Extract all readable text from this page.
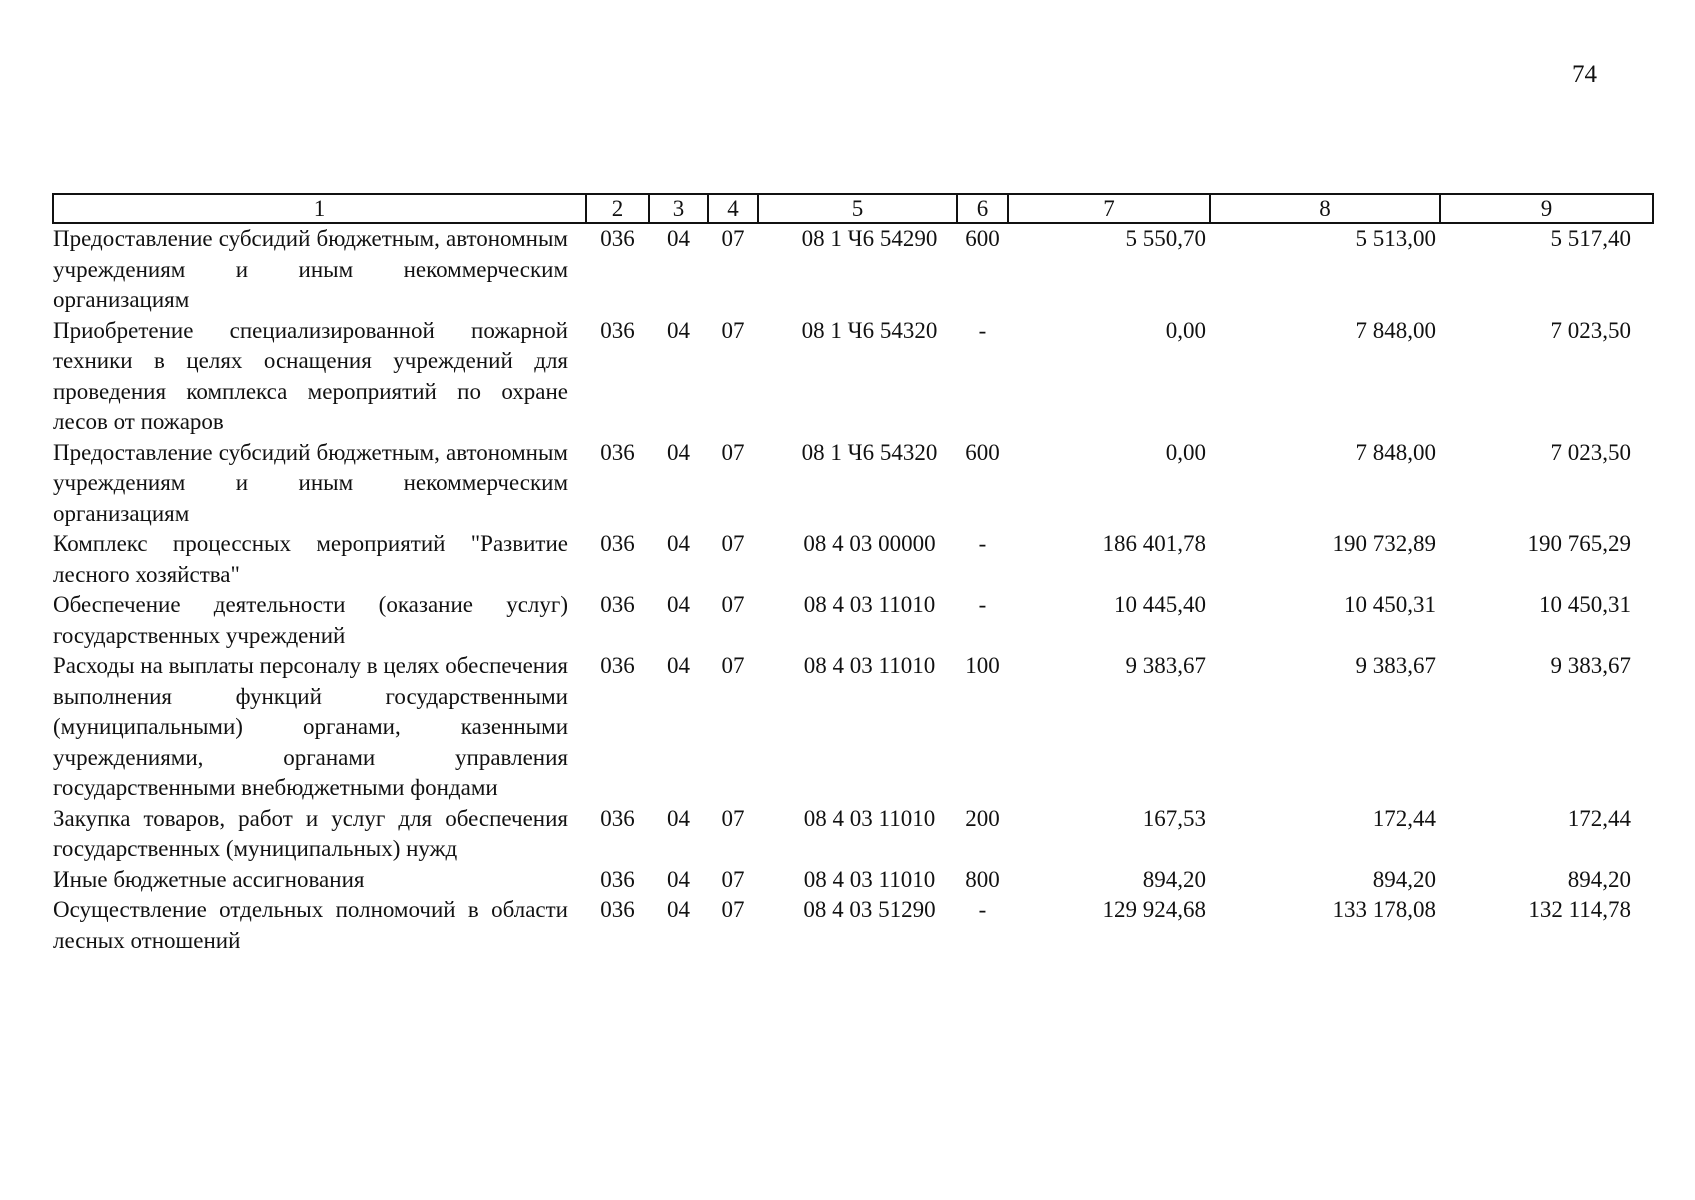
74
1	2	3	4	5	6	7	8	9
Предоставление субсидий бюджетным, автономным учреждениям и иным некоммерческим организациям	036	04	07	08 1 Ч6 54290	600	5 550,70	5 513,00	5 517,40
Приобретение специализированной пожарной техники в целях оснащения учреждений для проведения комплекса мероприятий по охране лесов от пожаров	036	04	07	08 1 Ч6 54320	-	0,00	7 848,00	7 023,50
Предоставление субсидий бюджетным, автономным учреждениям и иным некоммерческим организациям	036	04	07	08 1 Ч6 54320	600	0,00	7 848,00	7 023,50
Комплекс процессных мероприятий "Развитие лесного хозяйства"	036	04	07	08 4 03 00000	-	186 401,78	190 732,89	190 765,29
Обеспечение деятельности (оказание услуг) государственных учреждений	036	04	07	08 4 03 11010	-	10 445,40	10 450,31	10 450,31
Расходы на выплаты персоналу в целях обеспечения выполнения функций государственными (муниципальными) органами, казенными учреждениями, органами управления государственными внебюджетными фондами	036	04	07	08 4 03 11010	100	9 383,67	9 383,67	9 383,67
Закупка товаров, работ и услуг для обеспечения государственных (муниципальных) нужд	036	04	07	08 4 03 11010	200	167,53	172,44	172,44
Иные бюджетные ассигнования	036	04	07	08 4 03 11010	800	894,20	894,20	894,20
Осуществление отдельных полномочий в области лесных отношений	036	04	07	08 4 03 51290	-	129 924,68	133 178,08	132 114,78
